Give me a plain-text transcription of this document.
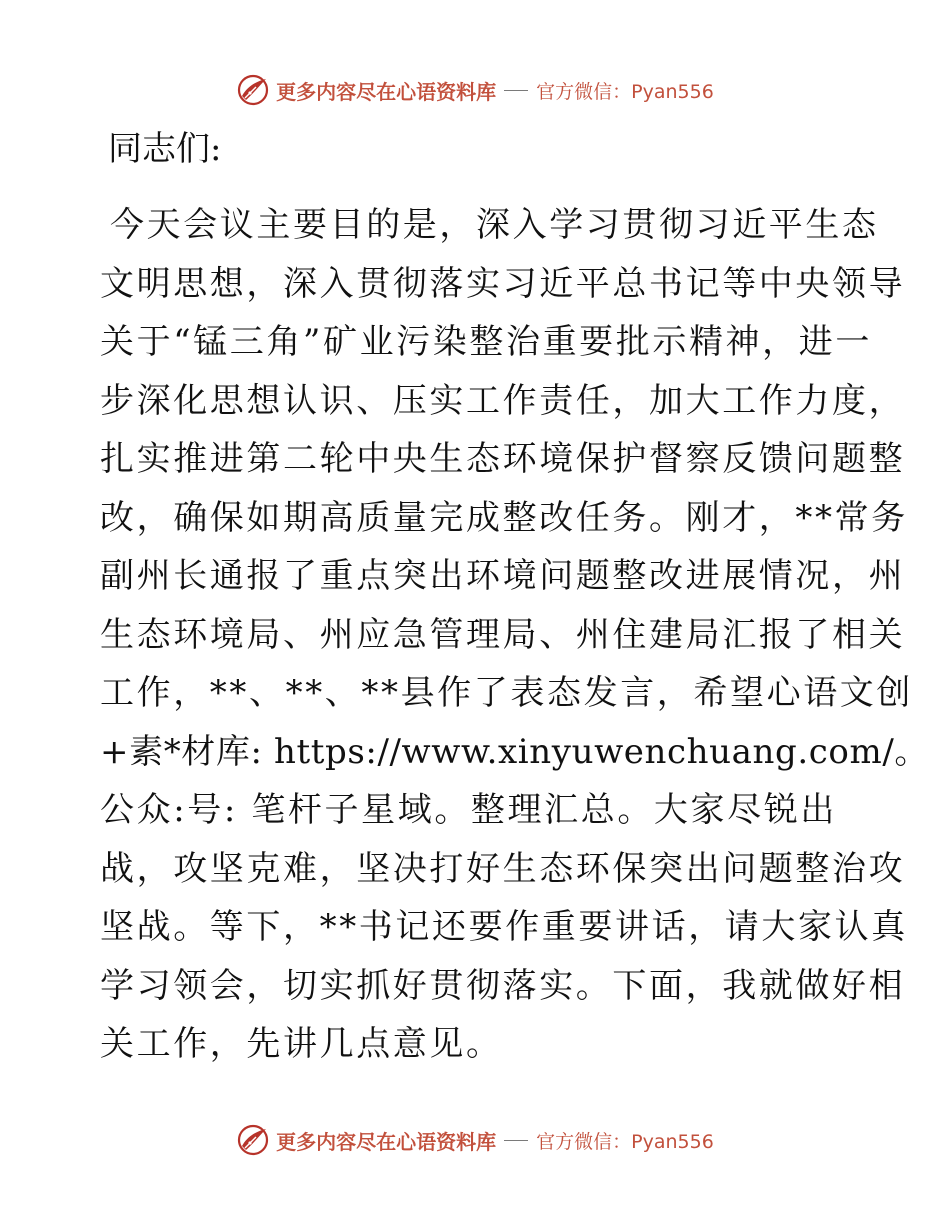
更多内容尽在心语资料库 官方微信：Pyan556
同志们:
今天会议主要目的是，深入学习贯彻习近平生态
文明思想，深入贯彻落实习近平总书记等中央领导
关于“锰三角”矿业污染整治重要批示精神，进一
步深化思想认识、压实工作责任，加大工作力度，
扎实推进第二轮中央生态环境保护督察反馈问题整
改，确保如期高质量完成整改任务。刚才，**常务
副州长通报了重点突出环境问题整改进展情况，州
生态环境局、州应急管理局、州住建局汇报了相关
工作，**、**、**县作了表态发言，希望心语文创
+素*材库: https://www.xinyuwenchuang.com/。
公众:号: 笔杆子星域。整理汇总。大家尽锐出
战，攻坚克难，坚决打好生态环保突出问题整治攻
坚战。等下，**书记还要作重要讲话，请大家认真
学习领会，切实抓好贯彻落实。下面，我就做好相
关工作，先讲几点意见。
更多内容尽在心语资料库 官方微信：Pyan556
